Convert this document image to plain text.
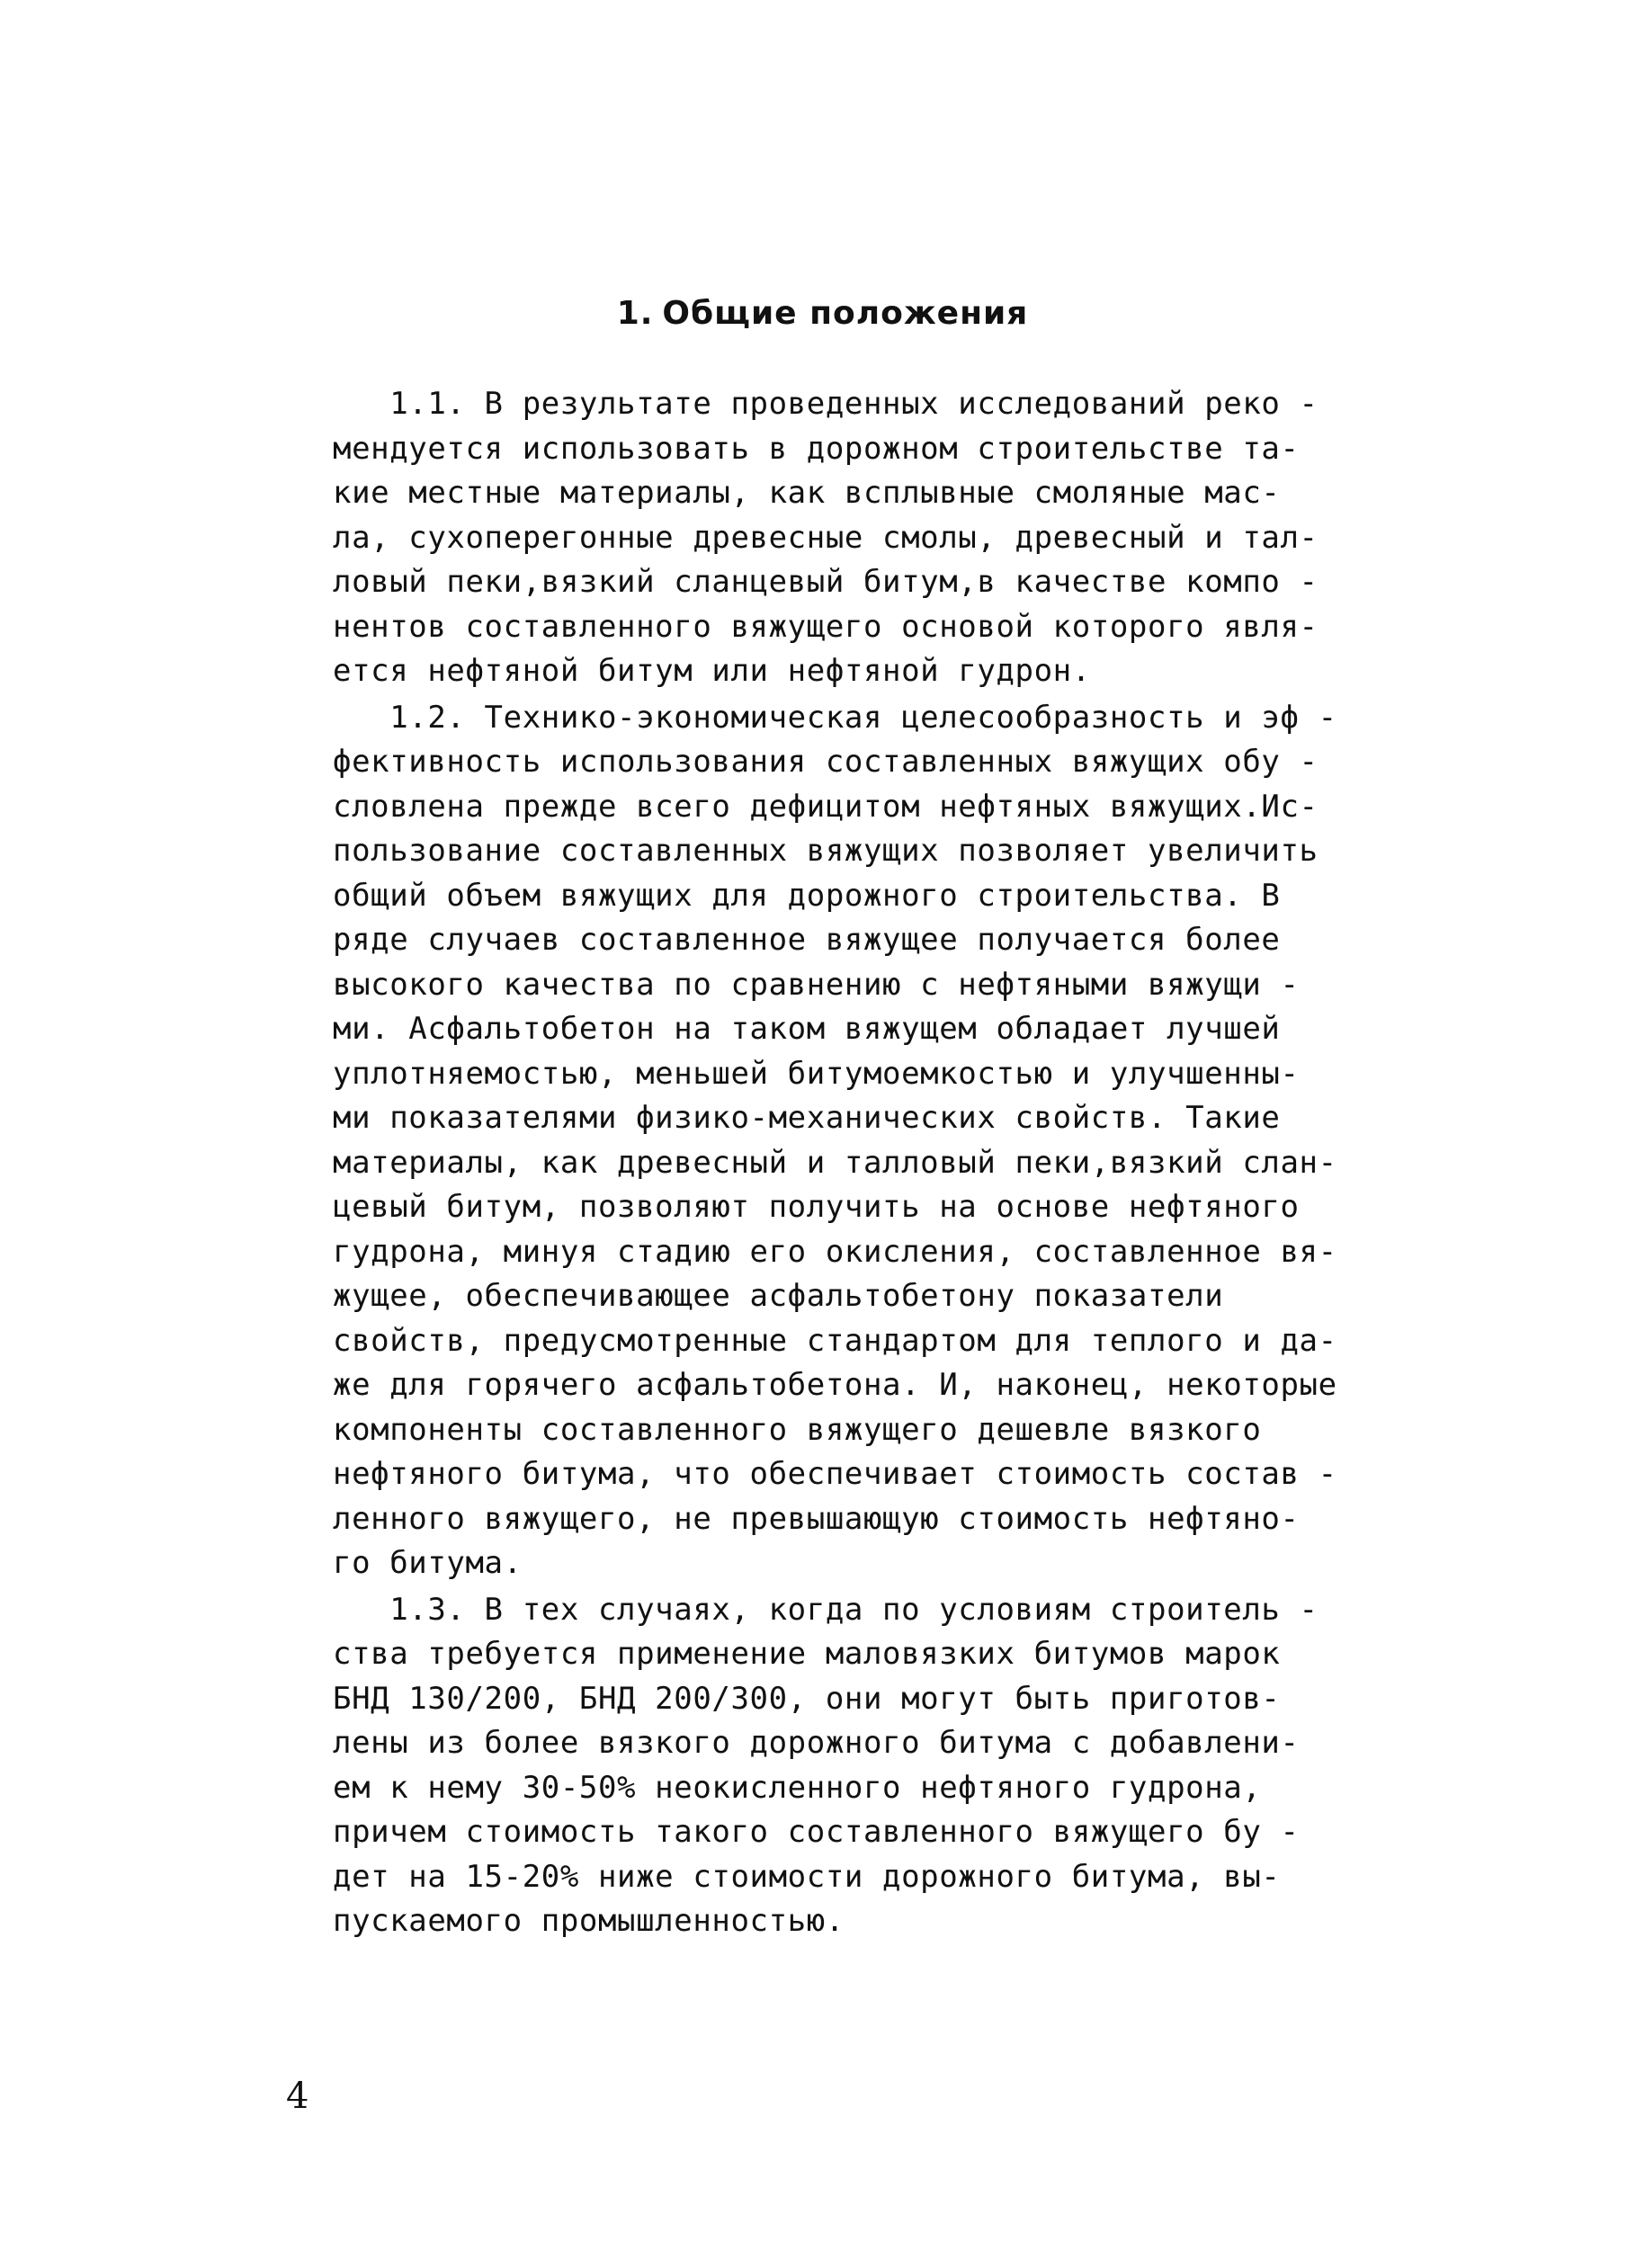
1. Общие положения
1.1. В результате проведенных исследований реко -
мендуется использовать в дорожном строительстве та-
кие местные материалы, как всплывные смоляные мас-
ла, сухоперегонные древесные смолы, древесный и тал-
ловый пеки,вязкий сланцевый битум,в качестве компо -
нентов составленного вяжущего основой которого явля-
ется нефтяной битум или нефтяной гудрон.
1.2. Технико-экономическая целесообразность и эф -
фективность использования составленных вяжущих обу -
словлена прежде всего дефицитом нефтяных вяжущих.Ис-
пользование составленных вяжущих позволяет увеличить
общий объем вяжущих для дорожного строительства. В
ряде случаев составленное вяжущее получается более
высокого качества по сравнению с нефтяными вяжущи -
ми. Асфальтобетон на таком вяжущем обладает лучшей
уплотняемостью, меньшей битумоемкостью и улучшенны-
ми показателями физико-механических свойств. Такие
материалы, как древесный и талловый пеки,вязкий слан-
цевый битум, позволяют получить на основе нефтяного
гудрона, минуя стадию его окисления, составленное вя-
жущее, обеспечивающее асфальтобетону показатели
свойств, предусмотренные стандартом для теплого и да-
же для горячего асфальтобетона. И, наконец, некоторые
компоненты составленного вяжущего дешевле вязкого
нефтяного битума, что обеспечивает стоимость состав -
ленного вяжущего, не превышающую стоимость нефтяно-
го битума.
1.3. В тех случаях, когда по условиям строитель -
ства требуется применение маловязких битумов марок
БНД 130/200, БНД 200/300, они могут быть приготов-
лены из более вязкого дорожного битума с добавлени-
ем к нему 30-50% неокисленного нефтяного гудрона,
причем стоимость такого составленного вяжущего бу -
дет на 15-20% ниже стоимости дорожного битума, вы-
пускаемого промышленностью.
4
